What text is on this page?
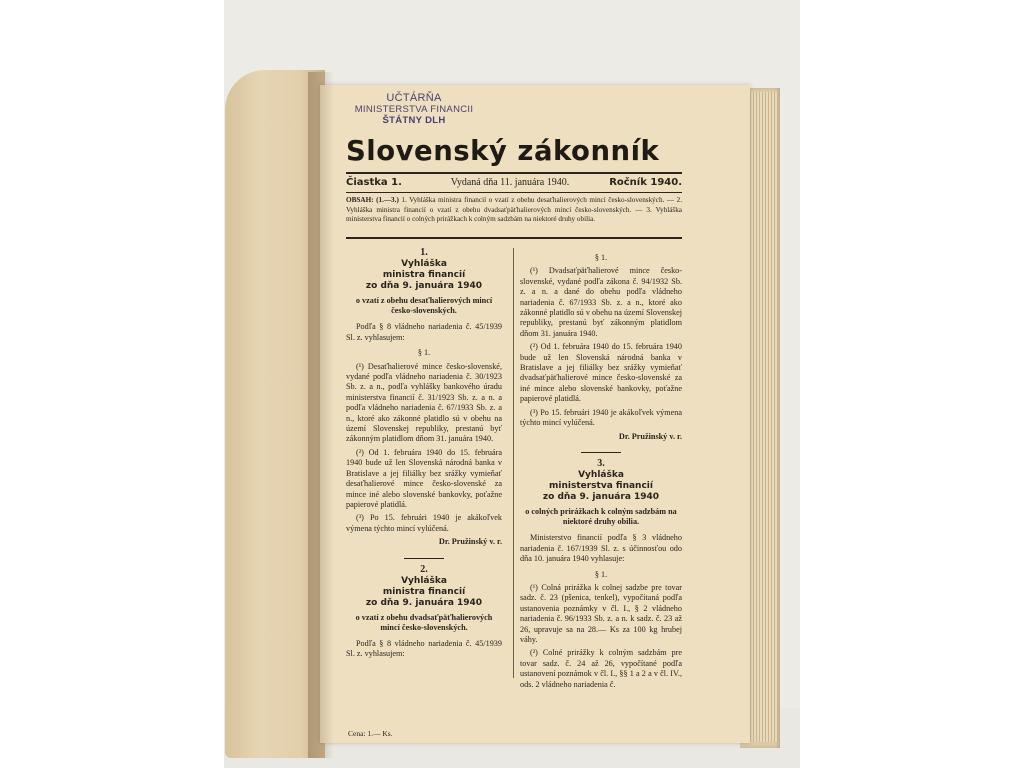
UČTÁRŇA
MINISTERSTVA FINANCII
ŠTÁTNY DLH
Slovenský zákonník
Čiastka 1.	Vydaná dňa 11. januára 1940.	Ročník 1940.
OBSAH: (1.—3.) 1. Vyhláška ministra financií o vzatí z obehu desaťhalierových mincí česko-slovenských. — 2. Vyhláška ministra financií o vzatí z obehu dvadsaťpäťhalierových mincí česko-slovenských. — 3. Vyhláška ministerstva financií o colných prirážkach k colným sadzbám na niektoré druhy obilia.
1.
Vyhláška
ministra financií
zo dňa 9. januára 1940
o vzatí z obehu desaťhalierových mincí česko-slovenských.

Podľa § 8 vládneho nariadenia č. 45/1939 Sl. z. vyhlasujem:

§ 1.

(¹) Desaťhalierové mince česko-slovenské, vydané podľa vládneho nariadenia č. 30/1923 Sb. z. a n., podľa vyhlášky bankového úradu ministerstva financií č. 31/1923 Sb. z. a n. a podľa vládneho nariadenia č. 67/1933 Sb. z. a n., ktoré ako zákonné platidlo sú v obehu na území Slovenskej republiky, prestanú byť zákonným platidlom dňom 31. januára 1940.

(²) Od 1. februára 1940 do 15. februára 1940 bude už len Slovenská národná banka v Bratislave a jej filiálky bez srážky vymieňať desaťhalierové mince česko-slovenské za mince iné alebo slovenské bankovky, poťažne papierové platidlá.

(³) Po 15. februári 1940 je akákoľvek výmena týchto mincí vylúčená.

Dr. Pružinský v. r.
2.
Vyhláška
ministra financií
zo dňa 9. januára 1940
o vzatí z obehu dvadsaťpäťhalierových mincí česko-slovenských.

Podľa § 8 vládneho nariadenia č. 45/1939 Sl. z. vyhlasujem:

Cena: 1.— Ks.
§ 1.

(¹) Dvadsaťpäťhalierové mince česko-slovenské, vydané podľa zákona č. 94/1932 Sb. z. a n. a dané do obehu podľa vládneho nariadenia č. 67/1933 Sb. z. a n., ktoré ako zákonné platidlo sú v obehu na území Slovenskej republiky, prestanú byť zákonným platidlom dňom 31. januára 1940.

(²) Od 1. februára 1940 do 15. februára 1940 bude už len Slovenská národná banka v Bratislave a jej filiálky bez srážky vymieňať dvadsaťpäťhalierové mince česko-slovenské za iné mince alebo slovenské bankovky, poťažne papierové platidlá.

(³) Po 15. februári 1940 je akákoľvek výmena týchto mincí vylúčená.

Dr. Pružinský v. r.
3.
Vyhláška
ministerstva financií
zo dňa 9. januára 1940
o colných prirážkach k colným sadzbám na niektoré druhy obilia.

Ministerstvo financií podľa § 3 vládneho nariadenia č. 167/1939 Sl. z. s účinnosťou odo dňa 10. januára 1940 vyhlasuje:

§ 1.

(¹) Colná prirážka k colnej sadzbe pre tovar sadz. č. 23 (pšenica, tenkel), vypočítaná podľa ustanovenia poznámky v čl. I., § 2 vládneho nariadenia č. 96/1933 Sb. z. a n. k sadz. č. 23 až 26, upravuje sa na 28.— Ks za 100 kg hrubej váhy.

(²) Colné prirážky k colným sadzbám pre tovar sadz. č. 24 až 26, vypočítané podľa ustanovení poznámok v čl. I., §§ 1 a 2 a v čl. IV., ods. 2 vládneho nariadenia č.
